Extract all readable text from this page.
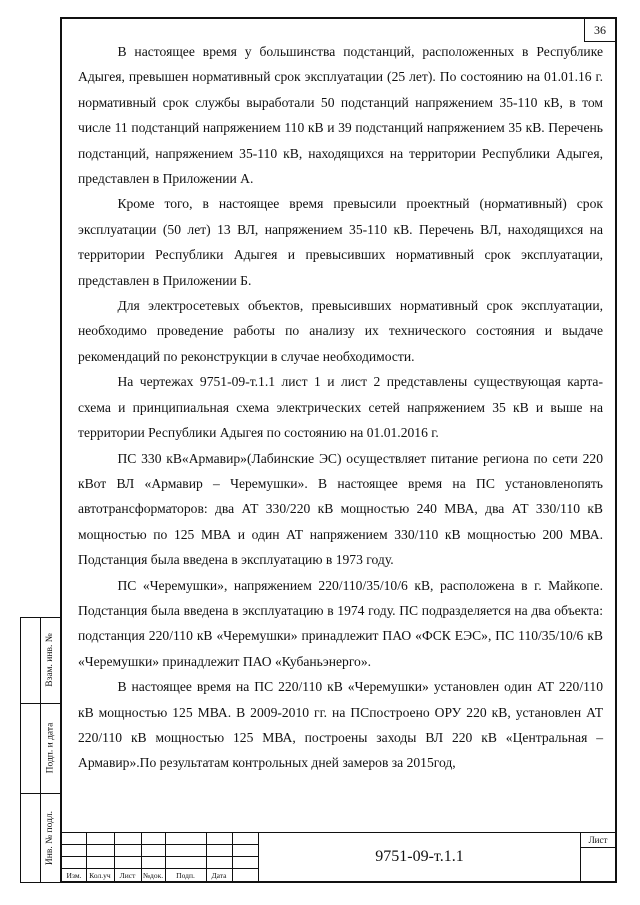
36

В настоящее время у большинства подстанций, расположенных в Республике Адыгея, превышен нормативный срок эксплуатации (25 лет). По состоянию на 01.01.16 г. нормативный срок службы выработали 50 подстанций напряжением 35-110 кВ, в том числе 11 подстанций напряжением 110 кВ и 39 подстанций напряжением 35 кВ. Перечень подстанций, напряжением 35-110 кВ, находящихся на территории Республики Адыгея, представлен в Приложении А.

Кроме того, в настоящее время превысили проектный (нормативный) срок эксплуатации (50 лет) 13 ВЛ, напряжением 35-110 кВ. Перечень ВЛ, находящихся на территории Республики Адыгея и превысивших нормативный срок эксплуатации, представлен в Приложении Б.

Для электросетевых объектов, превысивших нормативный срок эксплуатации, необходимо проведение работы по анализу их технического состояния и выдаче рекомендаций по реконструкции в случае необходимости.

На чертежах 9751-09-т.1.1 лист 1 и лист 2 представлены существующая карта-схема и принципиальная схема электрических сетей напряжением 35 кВ и выше на территории Республики Адыгея по состоянию на 01.01.2016 г.

ПС 330 кВ«Армавир»(Лабинские ЭС) осуществляет питание региона по сети 220 кВот ВЛ «Армавир – Черемушки». В настоящее время на ПС установленопять автотрансформаторов: два АТ 330/220 кВ мощностью 240 МВА, два АТ 330/110 кВ мощностью по 125 МВА и один АТ напряжением 330/110 кВ мощностью 200 МВА. Подстанция была введена в эксплуатацию в 1973 году.

ПС «Черемушки», напряжением 220/110/35/10/6 кВ, расположена в г. Майкопе. Подстанция была введена в эксплуатацию в 1974 году. ПС подразделяется на два объекта: подстанция 220/110 кВ «Черемушки» принадлежит ПАО «ФСК ЕЭС», ПС 110/35/10/6 кВ «Черемушки» принадлежит ПАО «Кубаньэнерго».

В настоящее время на ПС 220/110 кВ «Черемушки» установлен один АТ 220/110 кВ мощностью 125 МВА. В 2009-2010 гг. на ПСпостроено ОРУ 220 кВ, установлен АТ 220/110 кВ мощностью 125 МВА, построены заходы ВЛ 220 кВ «Центральная – Армавир».По результатам контрольных дней замеров за 2015год,

Изм.	Кол.уч	Лист	№док.	Подп.	Дата
9751-09-т.1.1
Лист
Взам. инв. №
Подп. и дата
Инв. № подл.
